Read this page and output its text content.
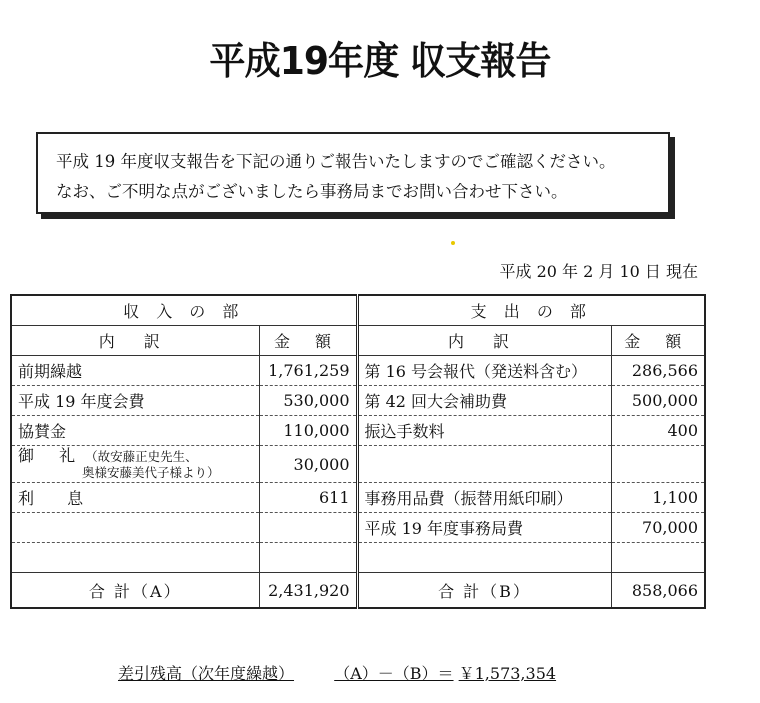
平成19年度 収支報告

平成 19 年度収支報告を下記の通りご報告いたしますのでご確認ください。

なお、ご不明な点がございましたら事務局までお問い合わせ下さい。

平成 20 年 2 月 10 日 現在
収 入 の 部		支 出 の 部	
内 訳	金 額	内 訳	金 額
前期繰越	1,761,259	第 16 号会報代（発送料含む）	286,566
平成 19 年度会費	530,000	第 42 回大会補助費	500,000
協賛金	110,000	振込手数料	400
御 礼（故安藤正史先生、
奥様安藤美代子様より）	30,000		
利 息	611	事務用品費（振替用紙印刷）	1,100
		平成 19 年度事務局費	70,000

合 計（A）	2,431,920	合 計（B）	858,066
差引残高（次年度繰越）	（A）－（B）＝ ￥1,573,354
